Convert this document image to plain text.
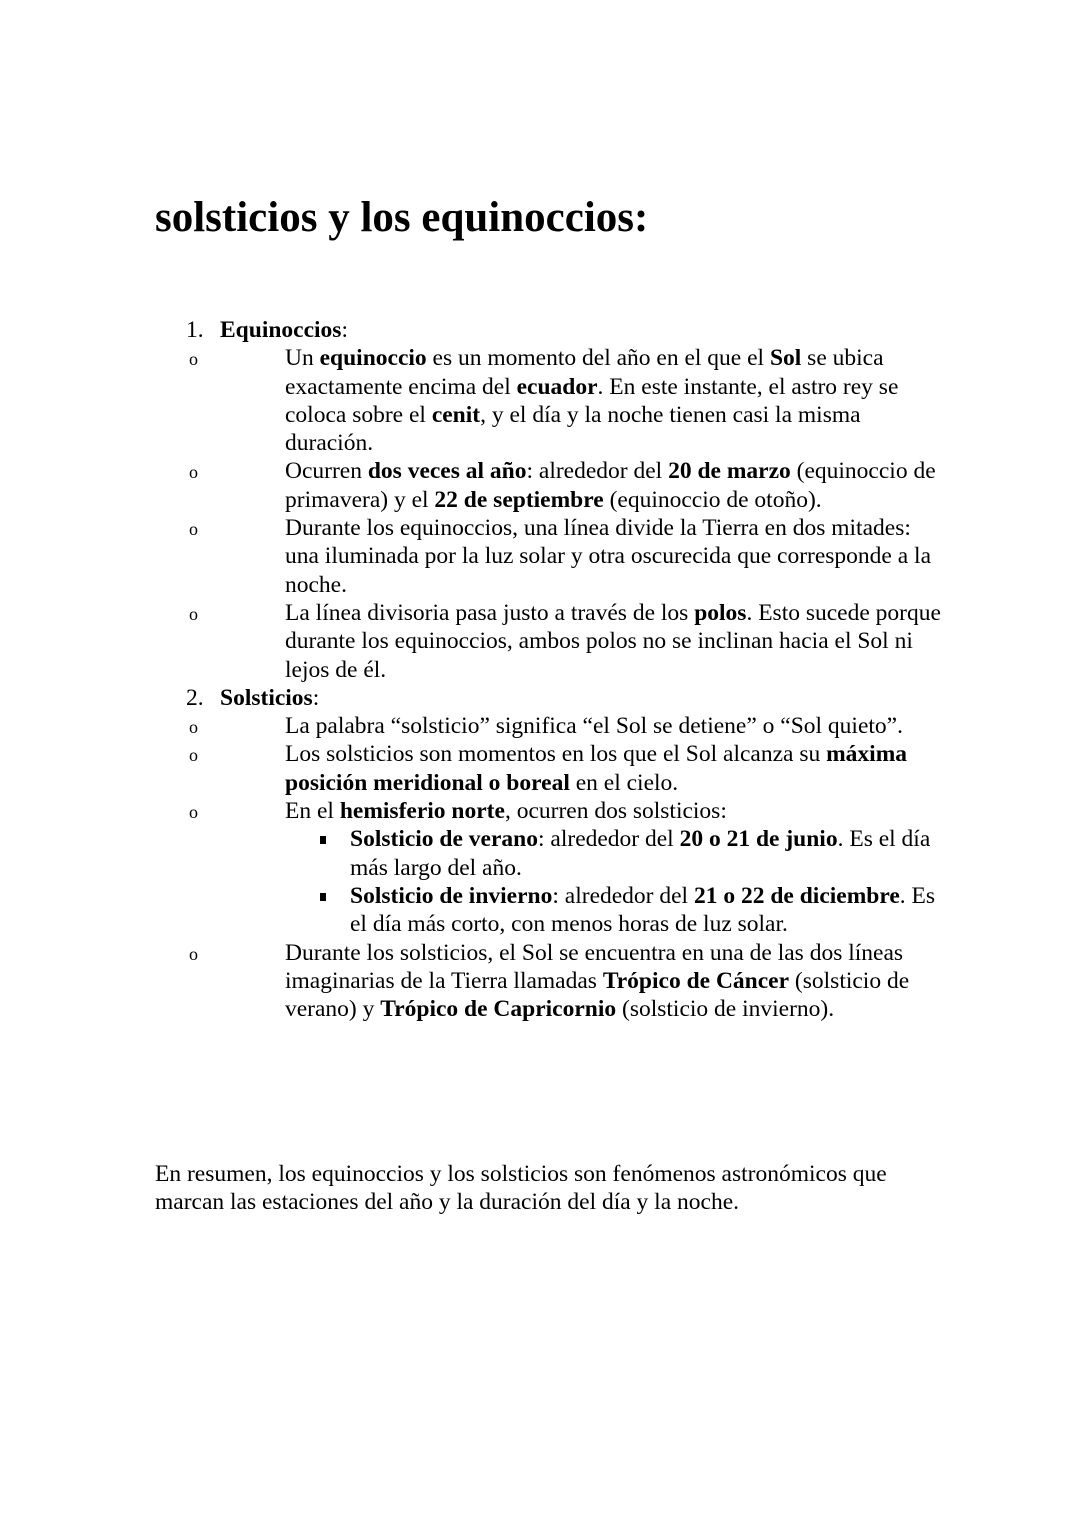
solsticios y los equinoccios:
1. Equinoccios:
o	Un equinoccio es un momento del año en el que el Sol se ubica exactamente encima del ecuador. En este instante, el astro rey se coloca sobre el cenit, y el día y la noche tienen casi la misma duración.
o	Ocurren dos veces al año: alrededor del 20 de marzo (equinoccio de primavera) y el 22 de septiembre (equinoccio de otoño).
o	Durante los equinoccios, una línea divide la Tierra en dos mitades: una iluminada por la luz solar y otra oscurecida que corresponde a la noche.
o	La línea divisoria pasa justo a través de los polos. Esto sucede porque durante los equinoccios, ambos polos no se inclinan hacia el Sol ni lejos de él.
2. Solsticios:
o	La palabra “solsticio” significa “el Sol se detiene” o “Sol quieto”.
o	Los solsticios son momentos en los que el Sol alcanza su máxima posición meridional o boreal en el cielo.
o	En el hemisferio norte, ocurren dos solsticios:
Solsticio de verano: alrededor del 20 o 21 de junio. Es el día más largo del año.
Solsticio de invierno: alrededor del 21 o 22 de diciembre. Es el día más corto, con menos horas de luz solar.
o	Durante los solsticios, el Sol se encuentra en una de las dos líneas imaginarias de la Tierra llamadas Trópico de Cáncer (solsticio de verano) y Trópico de Capricornio (solsticio de invierno).

En resumen, los equinoccios y los solsticios son fenómenos astronómicos que marcan las estaciones del año y la duración del día y la noche.
